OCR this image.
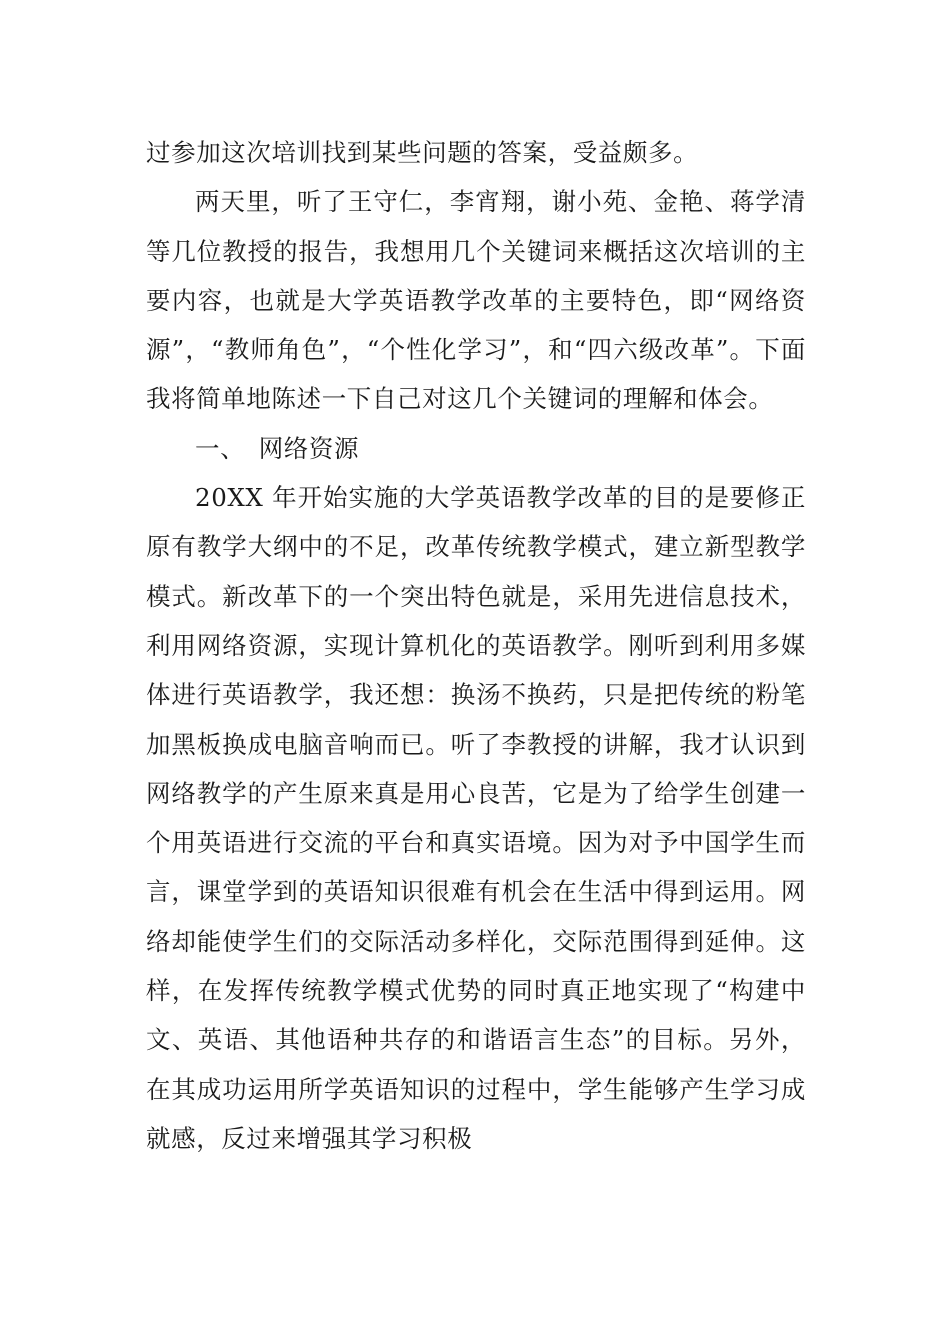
过参加这次培训找到某些问题的答案，受益颇多。

两天里，听了王守仁，李宵翔，谢小苑、金艳、蒋学清等几位教授的报告，我想用几个关键词来概括这次培训的主要内容，也就是大学英语教学改革的主要特色，即“网络资源”，“教师角色”，“个性化学习”，和“四六级改革”。下面我将简单地陈述一下自己对这几个关键词的理解和体会。

一、 网络资源

20XX 年开始实施的大学英语教学改革的目的是要修正原有教学大纲中的不足，改革传统教学模式，建立新型教学模式。新改革下的一个突出特色就是，采用先进信息技术，利用网络资源，实现计算机化的英语教学。刚听到利用多媒体进行英语教学，我还想：换汤不换药，只是把传统的粉笔加黑板换成电脑音响而已。听了李教授的讲解，我才认识到网络教学的产生原来真是用心良苦，它是为了给学生创建一个用英语进行交流的平台和真实语境。因为对予中国学生而言，课堂学到的英语知识很难有机会在生活中得到运用。网络却能使学生们的交际活动多样化，交际范围得到延伸。这样，在发挥传统教学模式优势的同时真正地实现了“构建中文、英语、其他语种共存的和谐语言生态”的目标。另外，在其成功运用所学英语知识的过程中，学生能够产生学习成就感，反过来增强其学习积极
